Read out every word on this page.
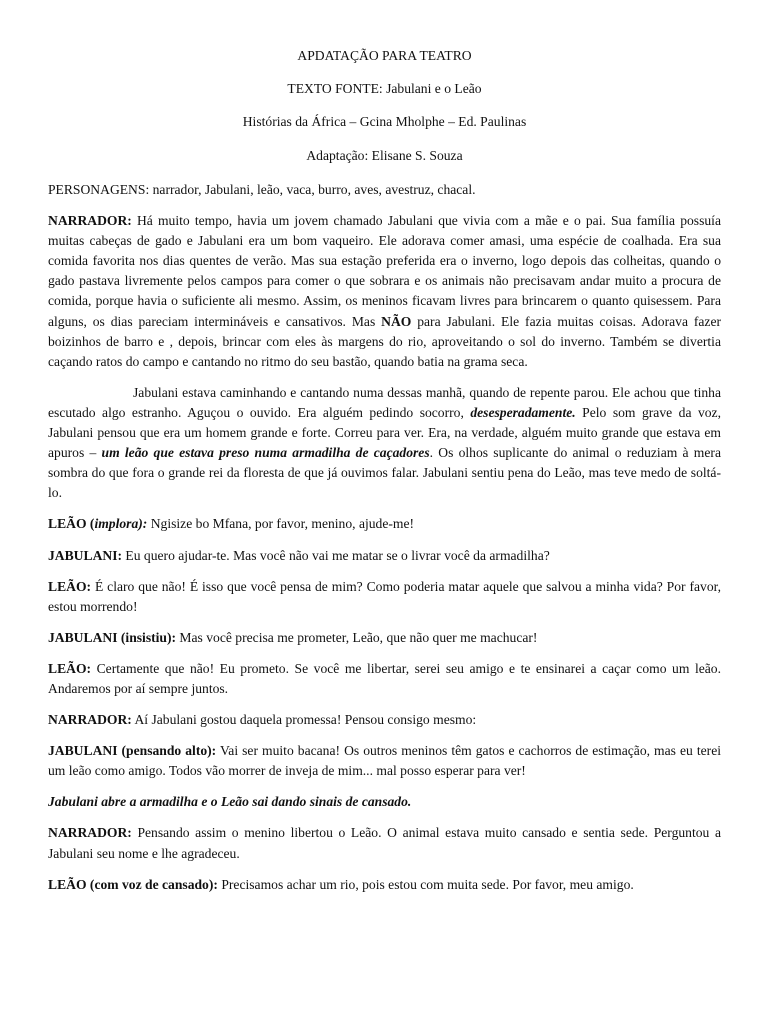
APDATAÇÃO PARA TEATRO

TEXTO FONTE: Jabulani e o Leão

Histórias da África – Gcina Mholphe – Ed. Paulinas

Adaptação: Elisane S. Souza

PERSONAGENS: narrador, Jabulani, leão, vaca, burro, aves, avestruz, chacal.

NARRADOR: Há muito tempo, havia um jovem chamado Jabulani que vivia com a mãe e o pai. Sua família possuía muitas cabeças de gado e Jabulani era um bom vaqueiro. Ele adorava comer amasi, uma espécie de coalhada. Era sua comida favorita nos dias quentes de verão. Mas sua estação preferida era o inverno, logo depois das colheitas, quando o gado pastava livremente pelos campos para comer o que sobrara e os animais não precisavam andar muito a procura de comida, porque havia o suficiente ali mesmo. Assim, os meninos ficavam livres para brincarem o quanto quisessem. Para alguns, os dias pareciam intermináveis e cansativos. Mas NÃO para Jabulani. Ele fazia muitas coisas. Adorava fazer boizinhos de barro e , depois, brincar com eles às margens do rio, aproveitando o sol do inverno. Também se divertia caçando ratos do campo e cantando no ritmo do seu bastão, quando batia na grama seca.

Jabulani estava caminhando e cantando numa dessas manhã, quando de repente parou. Ele achou que tinha escutado algo estranho. Aguçou o ouvido. Era alguém pedindo socorro, desesperadamente. Pelo som grave da voz, Jabulani pensou que era um homem grande e forte. Correu para ver. Era, na verdade, alguém muito grande que estava em apuros – um leão que estava preso numa armadilha de caçadores. Os olhos suplicante do animal o reduziam à mera sombra do que fora o grande rei da floresta de que já ouvimos falar. Jabulani sentiu pena do Leão, mas teve medo de soltá-lo.

LEÃO (implora): Ngisize bo Mfana, por favor, menino, ajude-me!

JABULANI: Eu quero ajudar-te. Mas você não vai me matar se o livrar você da armadilha?

LEÃO: É claro que não! É isso que você pensa de mim? Como poderia matar aquele que salvou a minha vida? Por favor, estou morrendo!

JABULANI (insistiu): Mas você precisa me prometer, Leão, que não quer me machucar!

LEÃO: Certamente que não! Eu prometo. Se você me libertar, serei seu amigo e te ensinarei a caçar como um leão. Andaremos por aí sempre juntos.

NARRADOR: Aí Jabulani gostou daquela promessa! Pensou consigo mesmo:

JABULANI (pensando alto): Vai ser muito bacana! Os outros meninos têm gatos e cachorros de estimação, mas eu terei um leão como amigo. Todos vão morrer de inveja de mim... mal posso esperar para ver!

Jabulani abre a armadilha e o Leão sai dando sinais de cansado.

NARRADOR: Pensando assim o menino libertou o Leão. O animal estava muito cansado e sentia sede. Perguntou a Jabulani seu nome e lhe agradeceu.

LEÃO (com voz de cansado): Precisamos achar um rio, pois estou com muita sede. Por favor, meu amigo.
